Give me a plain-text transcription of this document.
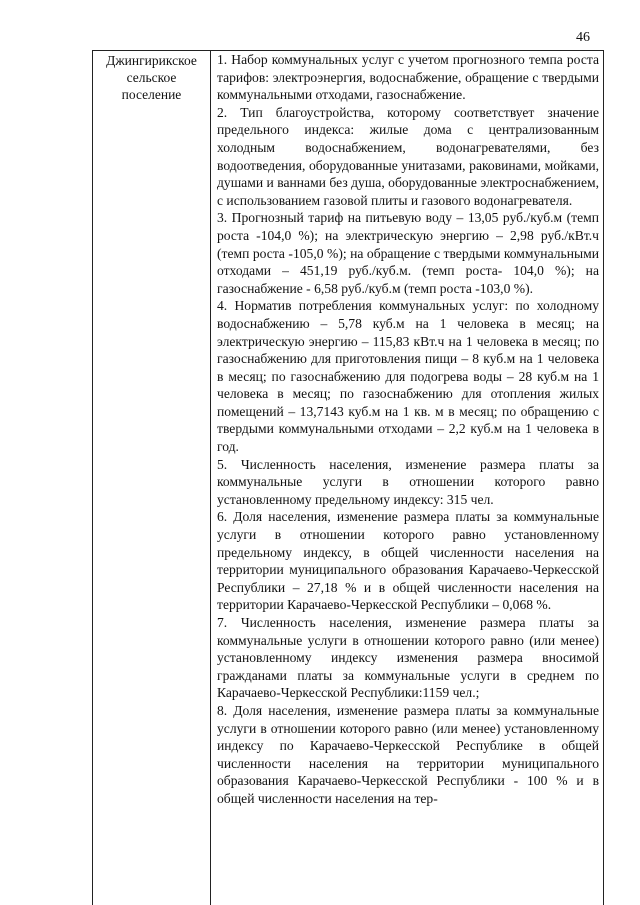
46
Джингирикское
сельское
поселение

1. Набор коммунальных услуг с учетом прогнозного темпа роста тарифов: электроэнергия, водоснабжение, обращение с твердыми коммунальными отходами, газоснабжение.

2. Тип благоустройства, которому соответствует значение предельного индекса: жилые дома с централизованным холодным водоснабжением, водонагревателями, без водоотведения, оборудованные унитазами, раковинами, мойками, душами и ваннами без душа, оборудованные электроснабжением, с использованием газовой плиты и газового водонагревателя.

3. Прогнозный тариф на питьевую воду – 13,05 руб./куб.м (темп роста -104,0 %); на электрическую энергию – 2,98 руб./кВт.ч (темп роста -105,0 %); на обращение с твердыми коммунальными отходами – 451,19 руб./куб.м. (темп роста- 104,0 %); на газоснабжение - 6,58 руб./куб.м (темп роста -103,0 %).

4. Норматив потребления коммунальных услуг: по холодному водоснабжению – 5,78 куб.м на 1 человека в месяц; на электрическую энергию – 115,83 кВт.ч на 1 человека в месяц; по газоснабжению для приготовления пищи – 8 куб.м на 1 человека в месяц; по газоснабжению для подогрева воды – 28 куб.м на 1 человека в месяц; по газоснабжению для отопления жилых помещений – 13,7143 куб.м на 1 кв. м в месяц; по обращению с твердыми коммунальными отходами – 2,2 куб.м на 1 человека в год.

5. Численность населения, изменение размера платы за коммунальные услуги в отношении которого равно установленному предельному индексу: 315 чел.

6. Доля населения, изменение размера платы за коммунальные услуги в отношении которого равно установленному предельному индексу, в общей численности населения на территории муниципального образования Карачаево-Черкесской Республики – 27,18 % и в общей численности населения на территории Карачаево-Черкесской Республики – 0,068 %.

7. Численность населения, изменение размера платы за коммунальные услуги в отношении которого равно (или менее) установленному индексу изменения размера вносимой гражданами платы за коммунальные услуги в среднем по Карачаево-Черкесской Республики:1159 чел.;

8. Доля населения, изменение размера платы за коммунальные услуги в отношении которого равно (или менее) установленному индексу по Карачаево-Черкесской Республике в общей численности населения на территории муниципального образования Карачаево-Черкесской Республики - 100 % и в общей численности населения на тер-
